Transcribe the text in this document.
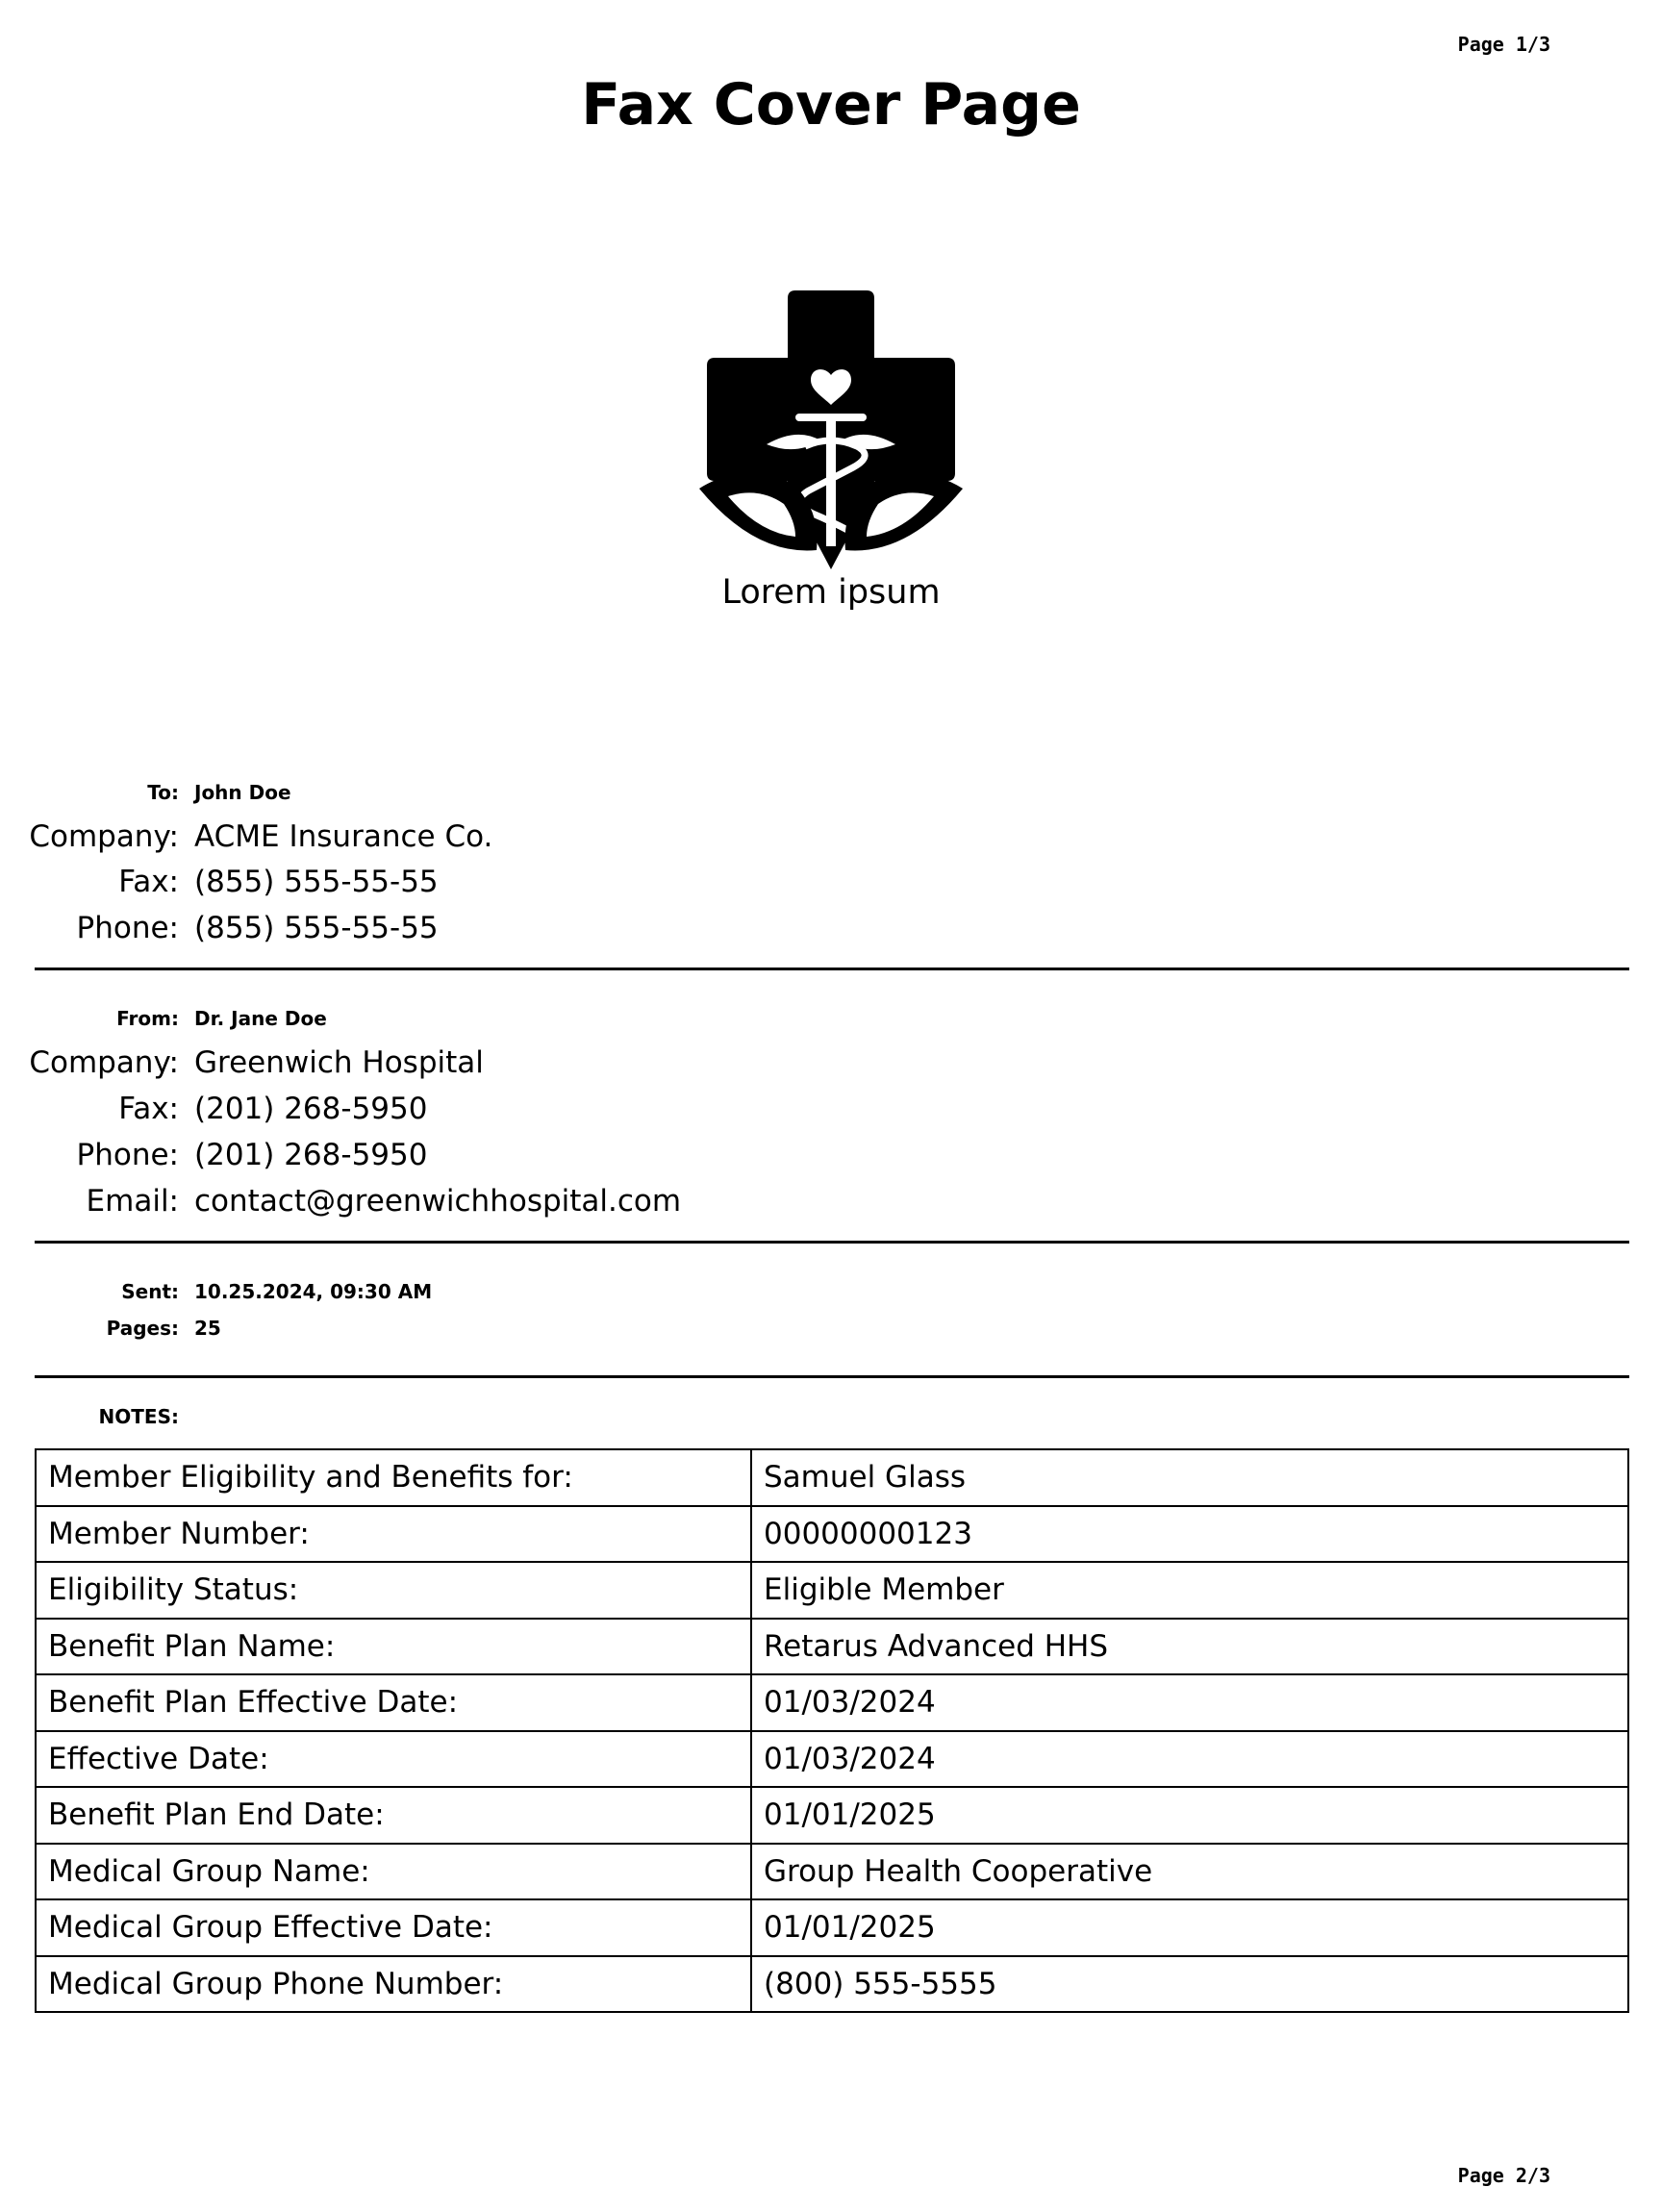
Page 1/3
Fax Cover Page
Lorem ipsum
To: John Doe
Company: ACME Insurance Co.
Fax: (855) 555-55-55
Phone: (855) 555-55-55
From: Dr. Jane Doe
Company: Greenwich Hospital
Fax: (201) 268-5950
Phone: (201) 268-5950
Email: contact@greenwichhospital.com
Sent: 10.25.2024, 09:30 AM
Pages: 25
NOTES:
Member Eligibility and Benefits for:	Samuel Glass
Member Number:	00000000123
Eligibility Status:	Eligible Member
Benefit Plan Name:	Retarus Advanced HHS
Benefit Plan Effective Date:	01/03/2024
Effective Date:	01/03/2024
Benefit Plan End Date:	01/01/2025
Medical Group Name:	Group Health Cooperative
Medical Group Effective Date:	01/01/2025
Medical Group Phone Number:	(800) 555-5555
Page 2/3
